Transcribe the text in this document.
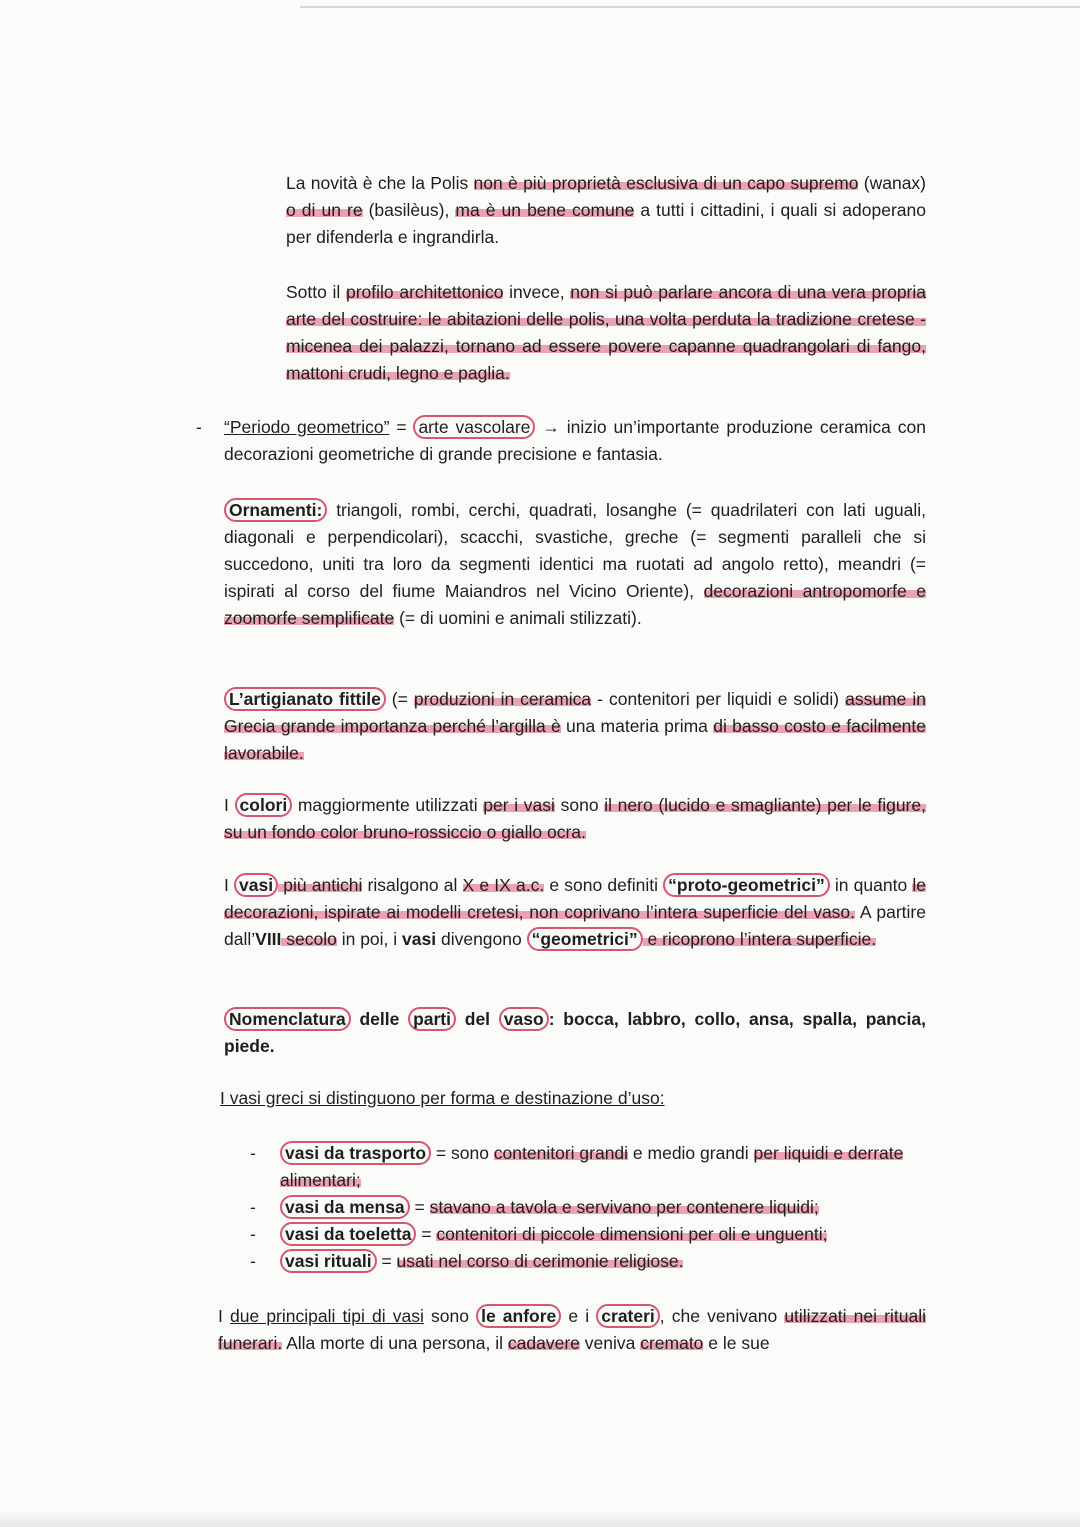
La novità è che la Polis non è più proprietà esclusiva di un capo supremo (wanax) o di un re (basilèus), ma è un bene comune a tutti i cittadini, i quali si adoperano per difenderla e ingrandirla.

Sotto il profilo architettonico invece, non si può parlare ancora di una vera propria arte del costruire: le abitazioni delle polis, una volta perduta la tradizione cretese - micenea dei palazzi, tornano ad essere povere capanne quadrangolari di fango, mattoni crudi, legno e paglia.

- “Periodo geometrico” = arte vascolare → inizio un’importante produzione ceramica con decorazioni geometriche di grande precisione e fantasia.

Ornamenti: triangoli, rombi, cerchi, quadrati, losanghe (= quadrilateri con lati uguali, diagonali e perpendicolari), scacchi, svastiche, greche (= segmenti paralleli che si succedono, uniti tra loro da segmenti identici ma ruotati ad angolo retto), meandri (= ispirati al corso del fiume Maiandros nel Vicino Oriente), decorazioni antropomorfe e zoomorfe semplificate (= di uomini e animali stilizzati).

L’artigianato fittile (= produzioni in ceramica - contenitori per liquidi e solidi) assume in Grecia grande importanza perché l’argilla è una materia prima di basso costo e facilmente lavorabile.

I colori maggiormente utilizzati per i vasi sono il nero (lucido e smagliante) per le figure, su un fondo color bruno-rossiccio o giallo ocra.

I vasi più antichi risalgono al X e IX a.c. e sono definiti “proto-geometrici” in quanto le decorazioni, ispirate ai modelli cretesi, non coprivano l’intera superficie del vaso. A partire dall’VIII secolo in poi, i vasi divengono “geometrici” e ricoprono l’intera superficie.

Nomenclatura delle parti del vaso : bocca, labbro, collo, ansa, spalla, pancia, piede.

I vasi greci si distinguono per forma e destinazione d’uso:

- vasi da trasporto = sono contenitori grandi e medio grandi per liquidi e derrate alimentari;
- vasi da mensa = stavano a tavola e servivano per contenere liquidi;
- vasi da toeletta = contenitori di piccole dimensioni per oli e unguenti;
- vasi rituali = usati nel corso di cerimonie religiose.

I due principali tipi di vasi sono le anfore e i crateri , che venivano utilizzati nei rituali funerari. Alla morte di una persona, il cadavere veniva cremato e le sue
